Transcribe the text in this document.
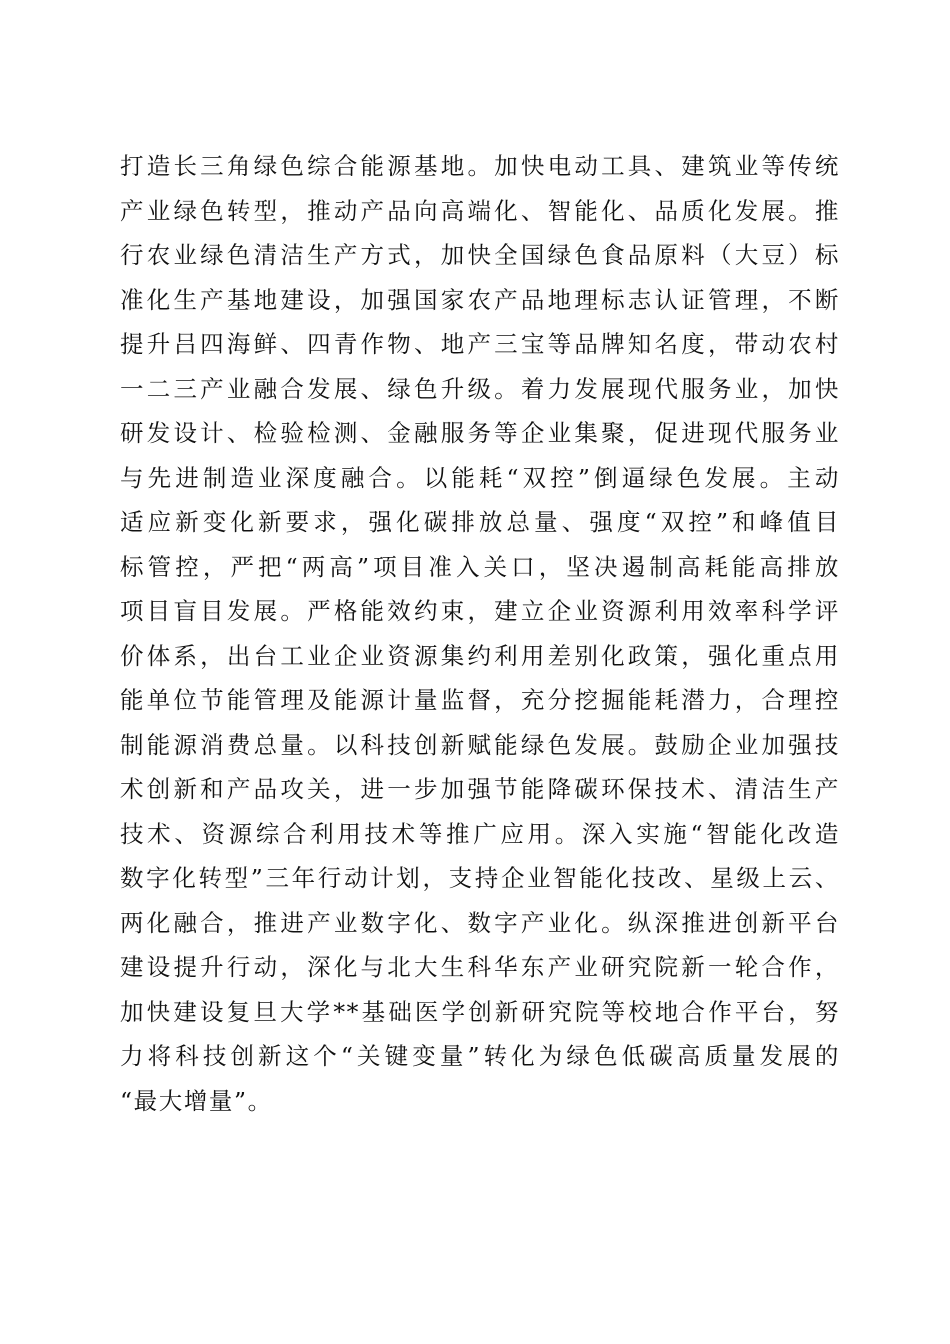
打造长三角绿色综合能源基地。加快电动工具、建筑业等传统
产业绿色转型，推动产品向高端化、智能化、品质化发展。推
行农业绿色清洁生产方式，加快全国绿色食品原料（大豆）标
准化生产基地建设，加强国家农产品地理标志认证管理，不断
提升吕四海鲜、四青作物、地产三宝等品牌知名度，带动农村
一二三产业融合发展、绿色升级。着力发展现代服务业，加快
研发设计、检验检测、金融服务等企业集聚，促进现代服务业
与先进制造业深度融合。以能耗“双控”倒逼绿色发展。主动
适应新变化新要求，强化碳排放总量、强度“双控”和峰值目
标管控，严把“两高”项目准入关口，坚决遏制高耗能高排放
项目盲目发展。严格能效约束，建立企业资源利用效率科学评
价体系，出台工业企业资源集约利用差别化政策，强化重点用
能单位节能管理及能源计量监督，充分挖掘能耗潜力，合理控
制能源消费总量。以科技创新赋能绿色发展。鼓励企业加强技
术创新和产品攻关，进一步加强节能降碳环保技术、清洁生产
技术、资源综合利用技术等推广应用。深入实施“智能化改造
数字化转型”三年行动计划，支持企业智能化技改、星级上云、
两化融合，推进产业数字化、数字产业化。纵深推进创新平台
建设提升行动，深化与北大生科华东产业研究院新一轮合作，
加快建设复旦大学**基础医学创新研究院等校地合作平台，努
力将科技创新这个“关键变量”转化为绿色低碳高质量发展的
“最大增量”。
